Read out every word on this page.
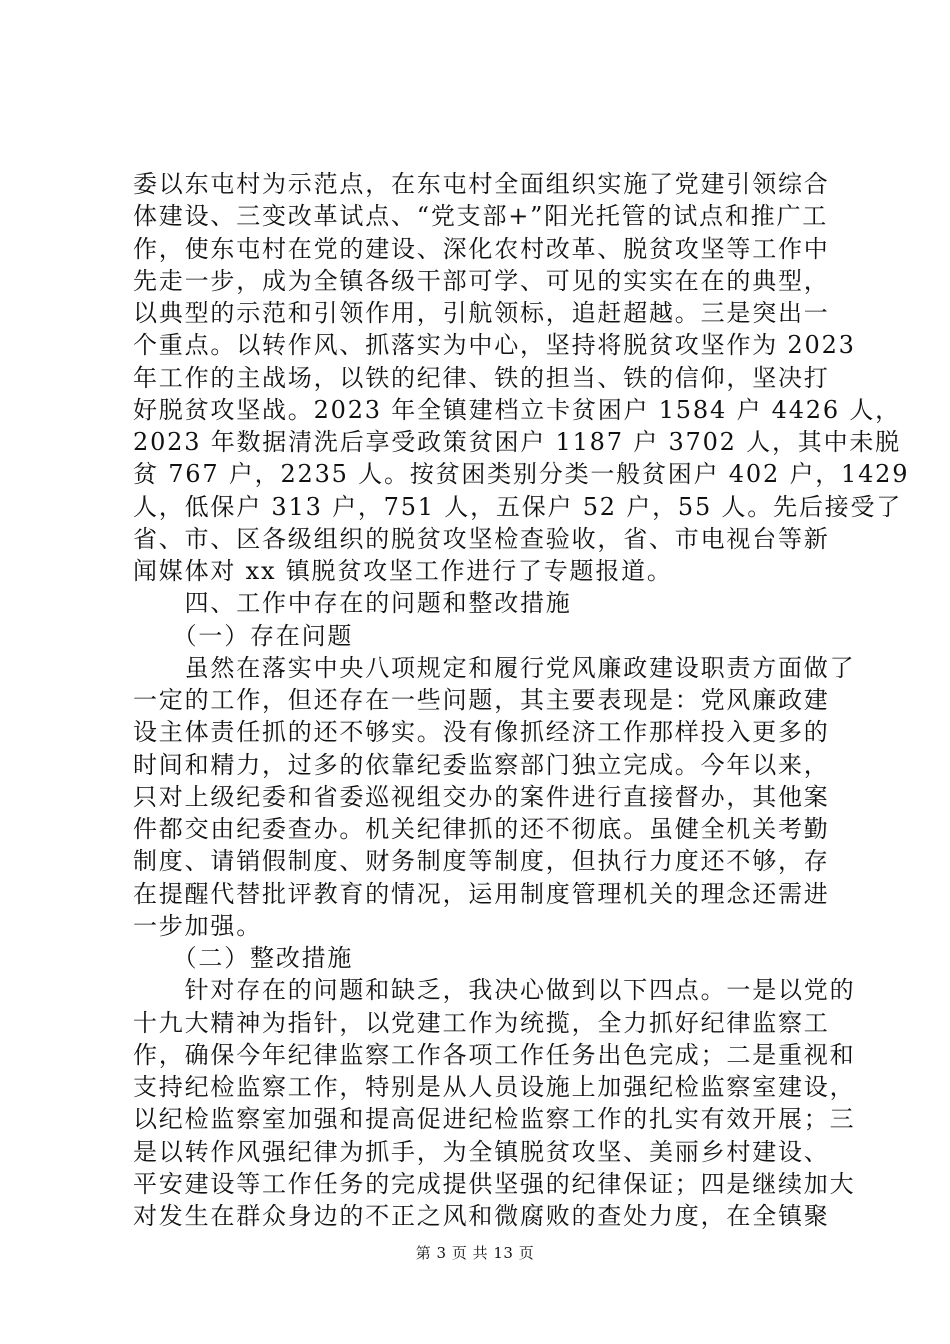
委以东屯村为示范点，在东屯村全面组织实施了党建引领综合
体建设、三变改革试点、“党支部+”阳光托管的试点和推广工
作，使东屯村在党的建设、深化农村改革、脱贫攻坚等工作中
先走一步，成为全镇各级干部可学、可见的实实在在的典型，
以典型的示范和引领作用，引航领标，追赶超越。三是突出一
个重点。以转作风、抓落实为中心，坚持将脱贫攻坚作为 2023
年工作的主战场，以铁的纪律、铁的担当、铁的信仰，坚决打
好脱贫攻坚战。2023 年全镇建档立卡贫困户 1584 户 4426 人，
2023 年数据清洗后享受政策贫困户 1187 户 3702 人，其中未脱
贫 767 户，2235 人。按贫困类别分类一般贫困户 402 户，1429
人，低保户 313 户，751 人，五保户 52 户，55 人。先后接受了
省、市、区各级组织的脱贫攻坚检查验收，省、市电视台等新
闻媒体对 xx 镇脱贫攻坚工作进行了专题报道。
　　四、工作中存在的问题和整改措施
　　（一）存在问题
　　虽然在落实中央八项规定和履行党风廉政建设职责方面做了
一定的工作，但还存在一些问题，其主要表现是：党风廉政建
设主体责任抓的还不够实。没有像抓经济工作那样投入更多的
时间和精力，过多的依靠纪委监察部门独立完成。今年以来，
只对上级纪委和省委巡视组交办的案件进行直接督办，其他案
件都交由纪委查办。机关纪律抓的还不彻底。虽健全机关考勤
制度、请销假制度、财务制度等制度，但执行力度还不够，存
在提醒代替批评教育的情况，运用制度管理机关的理念还需进
一步加强。
　　（二）整改措施
　　针对存在的问题和缺乏，我决心做到以下四点。一是以党的
十九大精神为指针，以党建工作为统揽，全力抓好纪律监察工
作，确保今年纪律监察工作各项工作任务出色完成；二是重视和
支持纪检监察工作，特别是从人员设施上加强纪检监察室建设，
以纪检监察室加强和提高促进纪检监察工作的扎实有效开展；三
是以转作风强纪律为抓手，为全镇脱贫攻坚、美丽乡村建设、
平安建设等工作任务的完成提供坚强的纪律保证；四是继续加大
对发生在群众身边的不正之风和微腐败的查处力度，在全镇聚
第 3 页 共 13 页
